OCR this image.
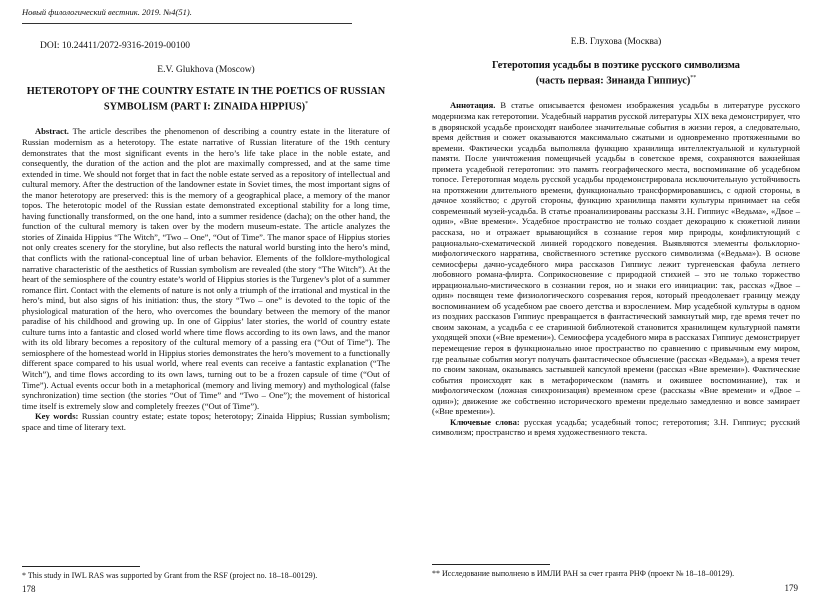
Новый филологический вестник. 2019. №4(51).
DOI: 10.24411/2072-9316-2019-00100
E.V. Glukhova (Moscow)
HETEROTOPY OF THE COUNTRY ESTATE IN THE POETICS OF RUSSIAN SYMBOLISM (PART I: ZINAIDA HIPPIUS)*
Abstract. The article describes the phenomenon of describing a country estate in the literature of Russian modernism as a heterotopy. The estate narrative of Russian literature of the 19th century demonstrates that the most significant events in the hero’s life take place in the noble estate, and consequently, the duration of the action and the plot are maximally compressed, and at the same time extended in time. We should not forget that in fact the noble estate served as a repository of intellectual and cultural memory. After the destruction of the landowner estate in Soviet times, the most important signs of the manor heterotopy are preserved: this is the memory of a geographical place, a memory of the manor topos. The heterotopic model of the Russian estate demonstrated exceptional stability for a long time, having functionally transformed, on the one hand, into a summer residence (dacha); on the other hand, the function of the cultural memory is taken over by the modern museum-estate. The article analyzes the stories of Zinaida Hippius “The Witch”, “Two – One”, “Out of Time”. The manor space of Hippius stories not only creates scenery for the storyline, but also reflects the natural world bursting into the hero’s mind, that conflicts with the rational-conceptual line of urban behavior. Elements of the folklore-mythological narrative characteristic of the aesthetics of Russian symbolism are revealed (the story “The Witch”). At the heart of the semiosphere of the country estate’s world of Hippius stories is the Turgenev’s plot of a summer romance flirt. Contact with the elements of nature is not only a triumph of the irrational and mystical in the hero’s mind, but also signs of his initiation: thus, the story “Two – one” is devoted to the topic of the physiological maturation of the hero, who overcomes the boundary between the memory of the manor paradise of his childhood and growing up. In one of Gippius’ later stories, the world of country estate culture turns into a fantastic and closed world where time flows according to its own laws, and the manor with its old library becomes a repository of the cultural memory of a passing era (“Out of Time”). The semiosphere of the homestead world in Hippius stories demonstrates the hero’s movement to a functionally different space compared to his usual world, where real events can receive a fantastic explanation (“The Witch”), and time flows according to its own laws, turning out to be a frozen capsule of time (“Out of Time”). Actual events occur both in a metaphorical (memory and living memory) and mythological (false synchronization) time section (the stories “Out of Time” and “Two – One”); the movement of historical time itself is extremely slow and completely freezes (“Out of Time”).
Key words: Russian country estate; estate topos; heterotopy; Zinaida Hippius; Russian symbolism; space and time of literary text.
* This study in IWL RAS was supported by Grant from the RSF (project no. 18–18–00129).
178
Е.В. Глухова (Москва)
Гетеротопия усадьбы в поэтике русского символизма
(часть первая: Зинаида Гиппиус)**
Аннотация. В статье описывается феномен изображения усадьбы в литературе русского модернизма как гетеротопии. Усадебный нарратив русской литературы XIX века демонстрирует, что в дворянской усадьбе происходят наиболее значительные события в жизни героя, а следовательно, время действия и сюжет оказываются максимально сжатыми и одновременно протяженными во времени. Фактически усадьба выполняла функцию хранилища интеллектуальной и культурной памяти. После уничтожения помещичьей усадьбы в советское время, сохраняются важнейшая примета усадебной гетеротопии: это память географического места, воспоминание об усадебном топосе. Гетеротопная модель русской усадьбы продемонстрировала исключительную устойчивость на протяжении длительного времени, функционально трансформировавшись, с одной стороны, в дачное хозяйство; с другой стороны, функцию хранилища памяти культуры принимает на себя современный музей-усадьба. В статье проанализированы рассказы З.Н. Гиппиус «Ведьма», «Двое – один», «Вне времени». Усадебное пространство не только создает декорацию к сюжетной линии рассказа, но и отражает врывающийся в сознание героя мир природы, конфликтующий с рационально-схематической линией городского поведения. Выявляются элементы фольклорно-мифологического нарратива, свойственного эстетике русского символизма («Ведьма»). В основе семиосферы дачно-усадебного мира рассказов Гиппиус лежит тургеневская фабула летнего любовного романа-флирта. Соприкосновение с природной стихией – это не только торжество иррационально-мистического в сознании героя, но и знаки его инициации: так, рассказ «Двое – один» посвящен теме физиологического созревания героя, который преодолевает границу между воспоминанием об усадебном рае своего детства и взрослением. Мир усадебной культуры в одном из поздних рассказов Гиппиус превращается в фантастический замкнутый мир, где время течет по своим законам, а усадьба с ее старинной библиотекой становится хранилищем культурной памяти уходящей эпохи («Вне времени»). Семиосфера усадебного мира в рассказах Гиппиус демонстрирует перемещение героя в функционально иное пространство по сравнению с привычным ему миром, где реальные события могут получать фантастическое объяснение (рассказ «Ведьма»), а время течет по своим законам, оказываясь застывшей капсулой времени (рассказ «Вне времени»). Фактические события происходят как в метафорическом (память и ожившее воспоминание), так и мифологическом (ложная синхронизация) временном срезе (рассказы «Вне времени» и «Двое – один»); движение же собственно исторического времени предельно замедленно и вовсе замирает («Вне времени»).
Ключевые слова: русская усадьба; усадебный топос; гетеротопия; З.Н. Гиппиус; русский символизм; пространство и время художественного текста.
** Исследование выполнено в ИМЛИ РАН за счет гранта РНФ (проект № 18–18–00129).
179
